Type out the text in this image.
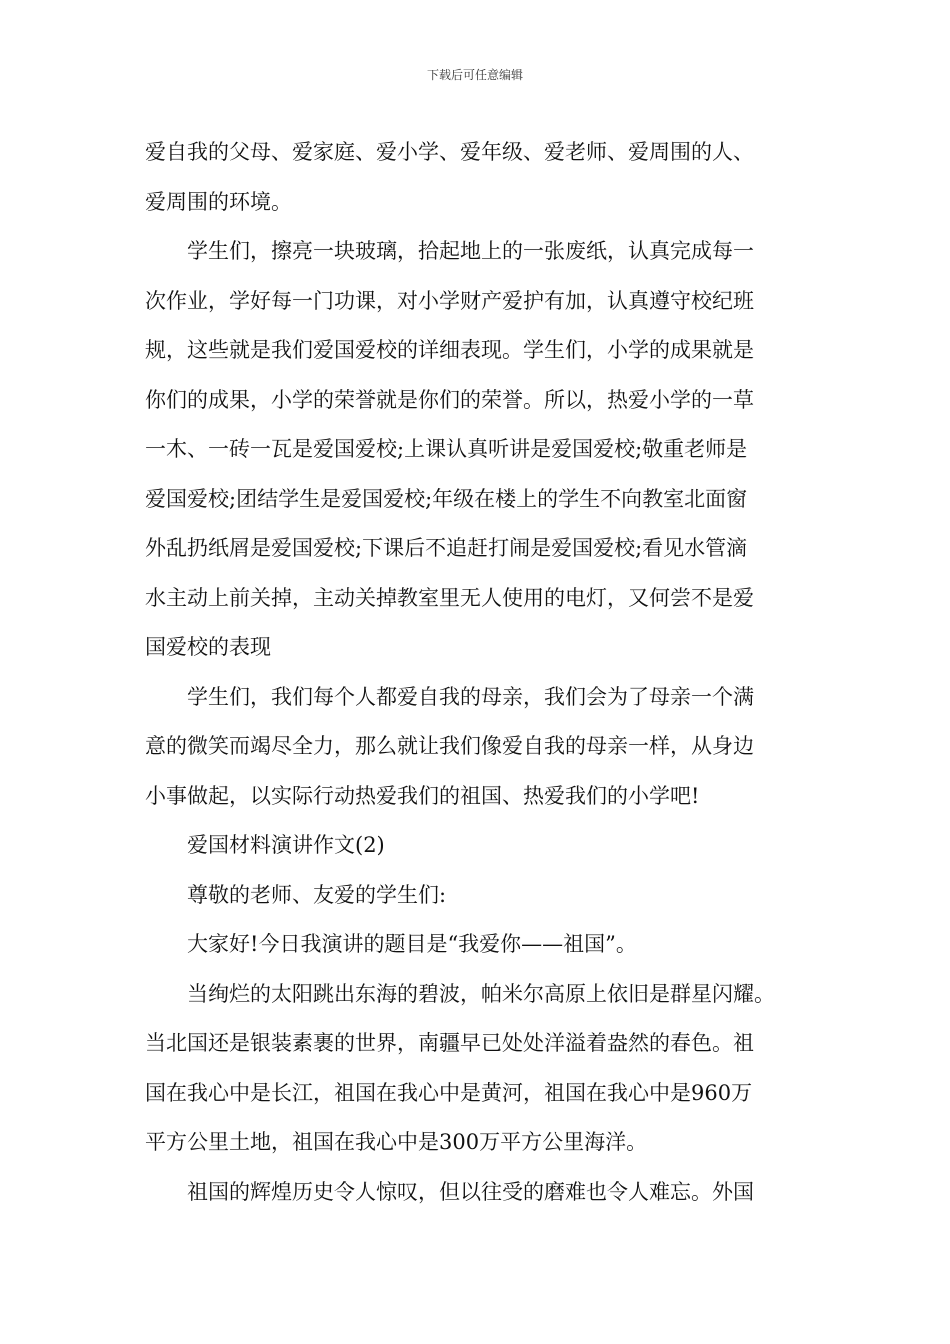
下载后可任意编辑

爱自我的父母、爱家庭、爱小学、爱年级、爱老师、爱周围的人、

爱周围的环境。

学生们，擦亮一块玻璃，拾起地上的一张废纸，认真完成每一

次作业，学好每一门功课，对小学财产爱护有加，认真遵守校纪班

规，这些就是我们爱国爱校的详细表现。学生们，小学的成果就是

你们的成果，小学的荣誉就是你们的荣誉。所以，热爱小学的一草

一木、一砖一瓦是爱国爱校;上课认真听讲是爱国爱校;敬重老师是

爱国爱校;团结学生是爱国爱校;年级在楼上的学生不向教室北面窗

外乱扔纸屑是爱国爱校;下课后不追赶打闹是爱国爱校;看见水管滴

水主动上前关掉，主动关掉教室里无人使用的电灯，又何尝不是爱

国爱校的表现

学生们，我们每个人都爱自我的母亲，我们会为了母亲一个满

意的微笑而竭尽全力，那么就让我们像爱自我的母亲一样，从身边

小事做起，以实际行动热爱我们的祖国、热爱我们的小学吧!

爱国材料演讲作文(2)

尊敬的老师、友爱的学生们:

大家好!今日我演讲的题目是“我爱你——祖国”。

当绚烂的太阳跳出东海的碧波，帕米尔高原上依旧是群星闪耀。

当北国还是银装素裹的世界，南疆早已处处洋溢着盎然的春色。祖

国在我心中是长江，祖国在我心中是黄河，祖国在我心中是960万

平方公里土地，祖国在我心中是300万平方公里海洋。

祖国的辉煌历史令人惊叹，但以往受的磨难也令人难忘。外国
